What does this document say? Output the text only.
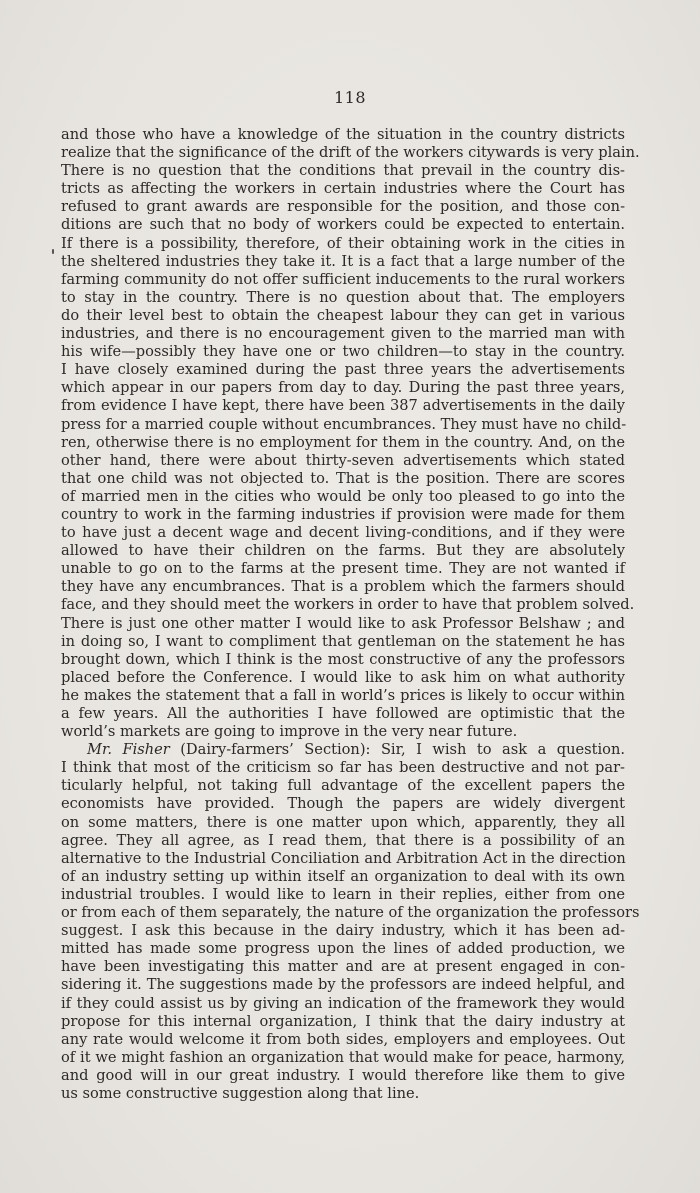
118
and those who have a knowledge of the situation in the country districts
realize that the significance of the drift of the workers citywards is very plain.
There is no question that the conditions that prevail in the country dis-
tricts as affecting the workers in certain industries where the Court has
refused to grant awards are responsible for the position, and those con-
ditions are such that no body of workers could be expected to entertain.
If there is a possibility, therefore, of their obtaining work in the cities in
the sheltered industries they take it. It is a fact that a large number of the
farming community do not offer sufficient inducements to the rural workers
to stay in the country. There is no question about that. The employers
do their level best to obtain the cheapest labour they can get in various
industries, and there is no encouragement given to the married man with
his wife—possibly they have one or two children—to stay in the country.
I have closely examined during the past three years the advertisements
which appear in our papers from day to day. During the past three years,
from evidence I have kept, there have been 387 advertisements in the daily
press for a married couple without encumbrances. They must have no child-
ren, otherwise there is no employment for them in the country. And, on the
other hand, there were about thirty-seven advertisements which stated
that one child was not objected to. That is the position. There are scores
of married men in the cities who would be only too pleased to go into the
country to work in the farming industries if provision were made for them
to have just a decent wage and decent living-conditions, and if they were
allowed to have their children on the farms. But they are absolutely
unable to go on to the farms at the present time. They are not wanted if
they have any encumbrances. That is a problem which the farmers should
face, and they should meet the workers in order to have that problem solved.
There is just one other matter I would like to ask Professor Belshaw ; and
in doing so, I want to compliment that gentleman on the statement he has
brought down, which I think is the most constructive of any the professors
placed before the Conference. I would like to ask him on what authority
he makes the statement that a fall in world’s prices is likely to occur within
a few years. All the authorities I have followed are optimistic that the
world’s markets are going to improve in the very near future.
Mr. Fisher (Dairy-farmers’ Section): Sir, I wish to ask a question.
I think that most of the criticism so far has been destructive and not par-
ticularly helpful, not taking full advantage of the excellent papers the
economists have provided. Though the papers are widely divergent
on some matters, there is one matter upon which, apparently, they all
agree. They all agree, as I read them, that there is a possibility of an
alternative to the Industrial Conciliation and Arbitration Act in the direction
of an industry setting up within itself an organization to deal with its own
industrial troubles. I would like to learn in their replies, either from one
or from each of them separately, the nature of the organization the professors
suggest. I ask this because in the dairy industry, which it has been ad-
mitted has made some progress upon the lines of added production, we
have been investigating this matter and are at present engaged in con-
sidering it. The suggestions made by the professors are indeed helpful, and
if they could assist us by giving an indication of the framework they would
propose for this internal organization, I think that the dairy industry at
any rate would welcome it from both sides, employers and employees. Out
of it we might fashion an organization that would make for peace, harmony,
and good will in our great industry. I would therefore like them to give
us some constructive suggestion along that line.
